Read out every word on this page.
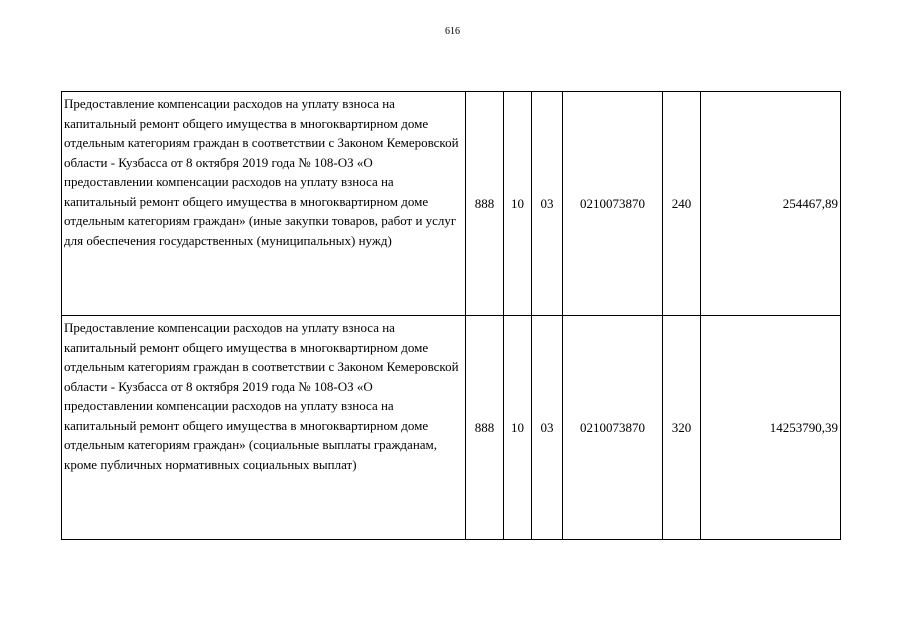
616
Предоставление компенсации расходов на уплату взноса на капитальный ремонт общего имущества в многоквартирном доме отдельным категориям граждан в соответствии с Законом Кемеровской области - Кузбасса от 8 октября 2019 года № 108-ОЗ «О предоставлении компенсации расходов на уплату взноса на капитальный ремонт общего имущества в многоквартирном доме отдельным категориям граждан» (иные закупки товаров, работ и услуг для обеспечения государственных (муниципальных) нужд)	888	10	03	0210073870	240	254467,89
Предоставление компенсации расходов на уплату взноса на капитальный ремонт общего имущества в многоквартирном доме отдельным категориям граждан в соответствии с Законом Кемеровской области - Кузбасса от 8 октября 2019 года № 108-ОЗ «О предоставлении компенсации расходов на уплату взноса на капитальный ремонт общего имущества в многоквартирном доме отдельным категориям граждан» (социальные выплаты гражданам, кроме публичных нормативных социальных выплат)	888	10	03	0210073870	320	14253790,39
